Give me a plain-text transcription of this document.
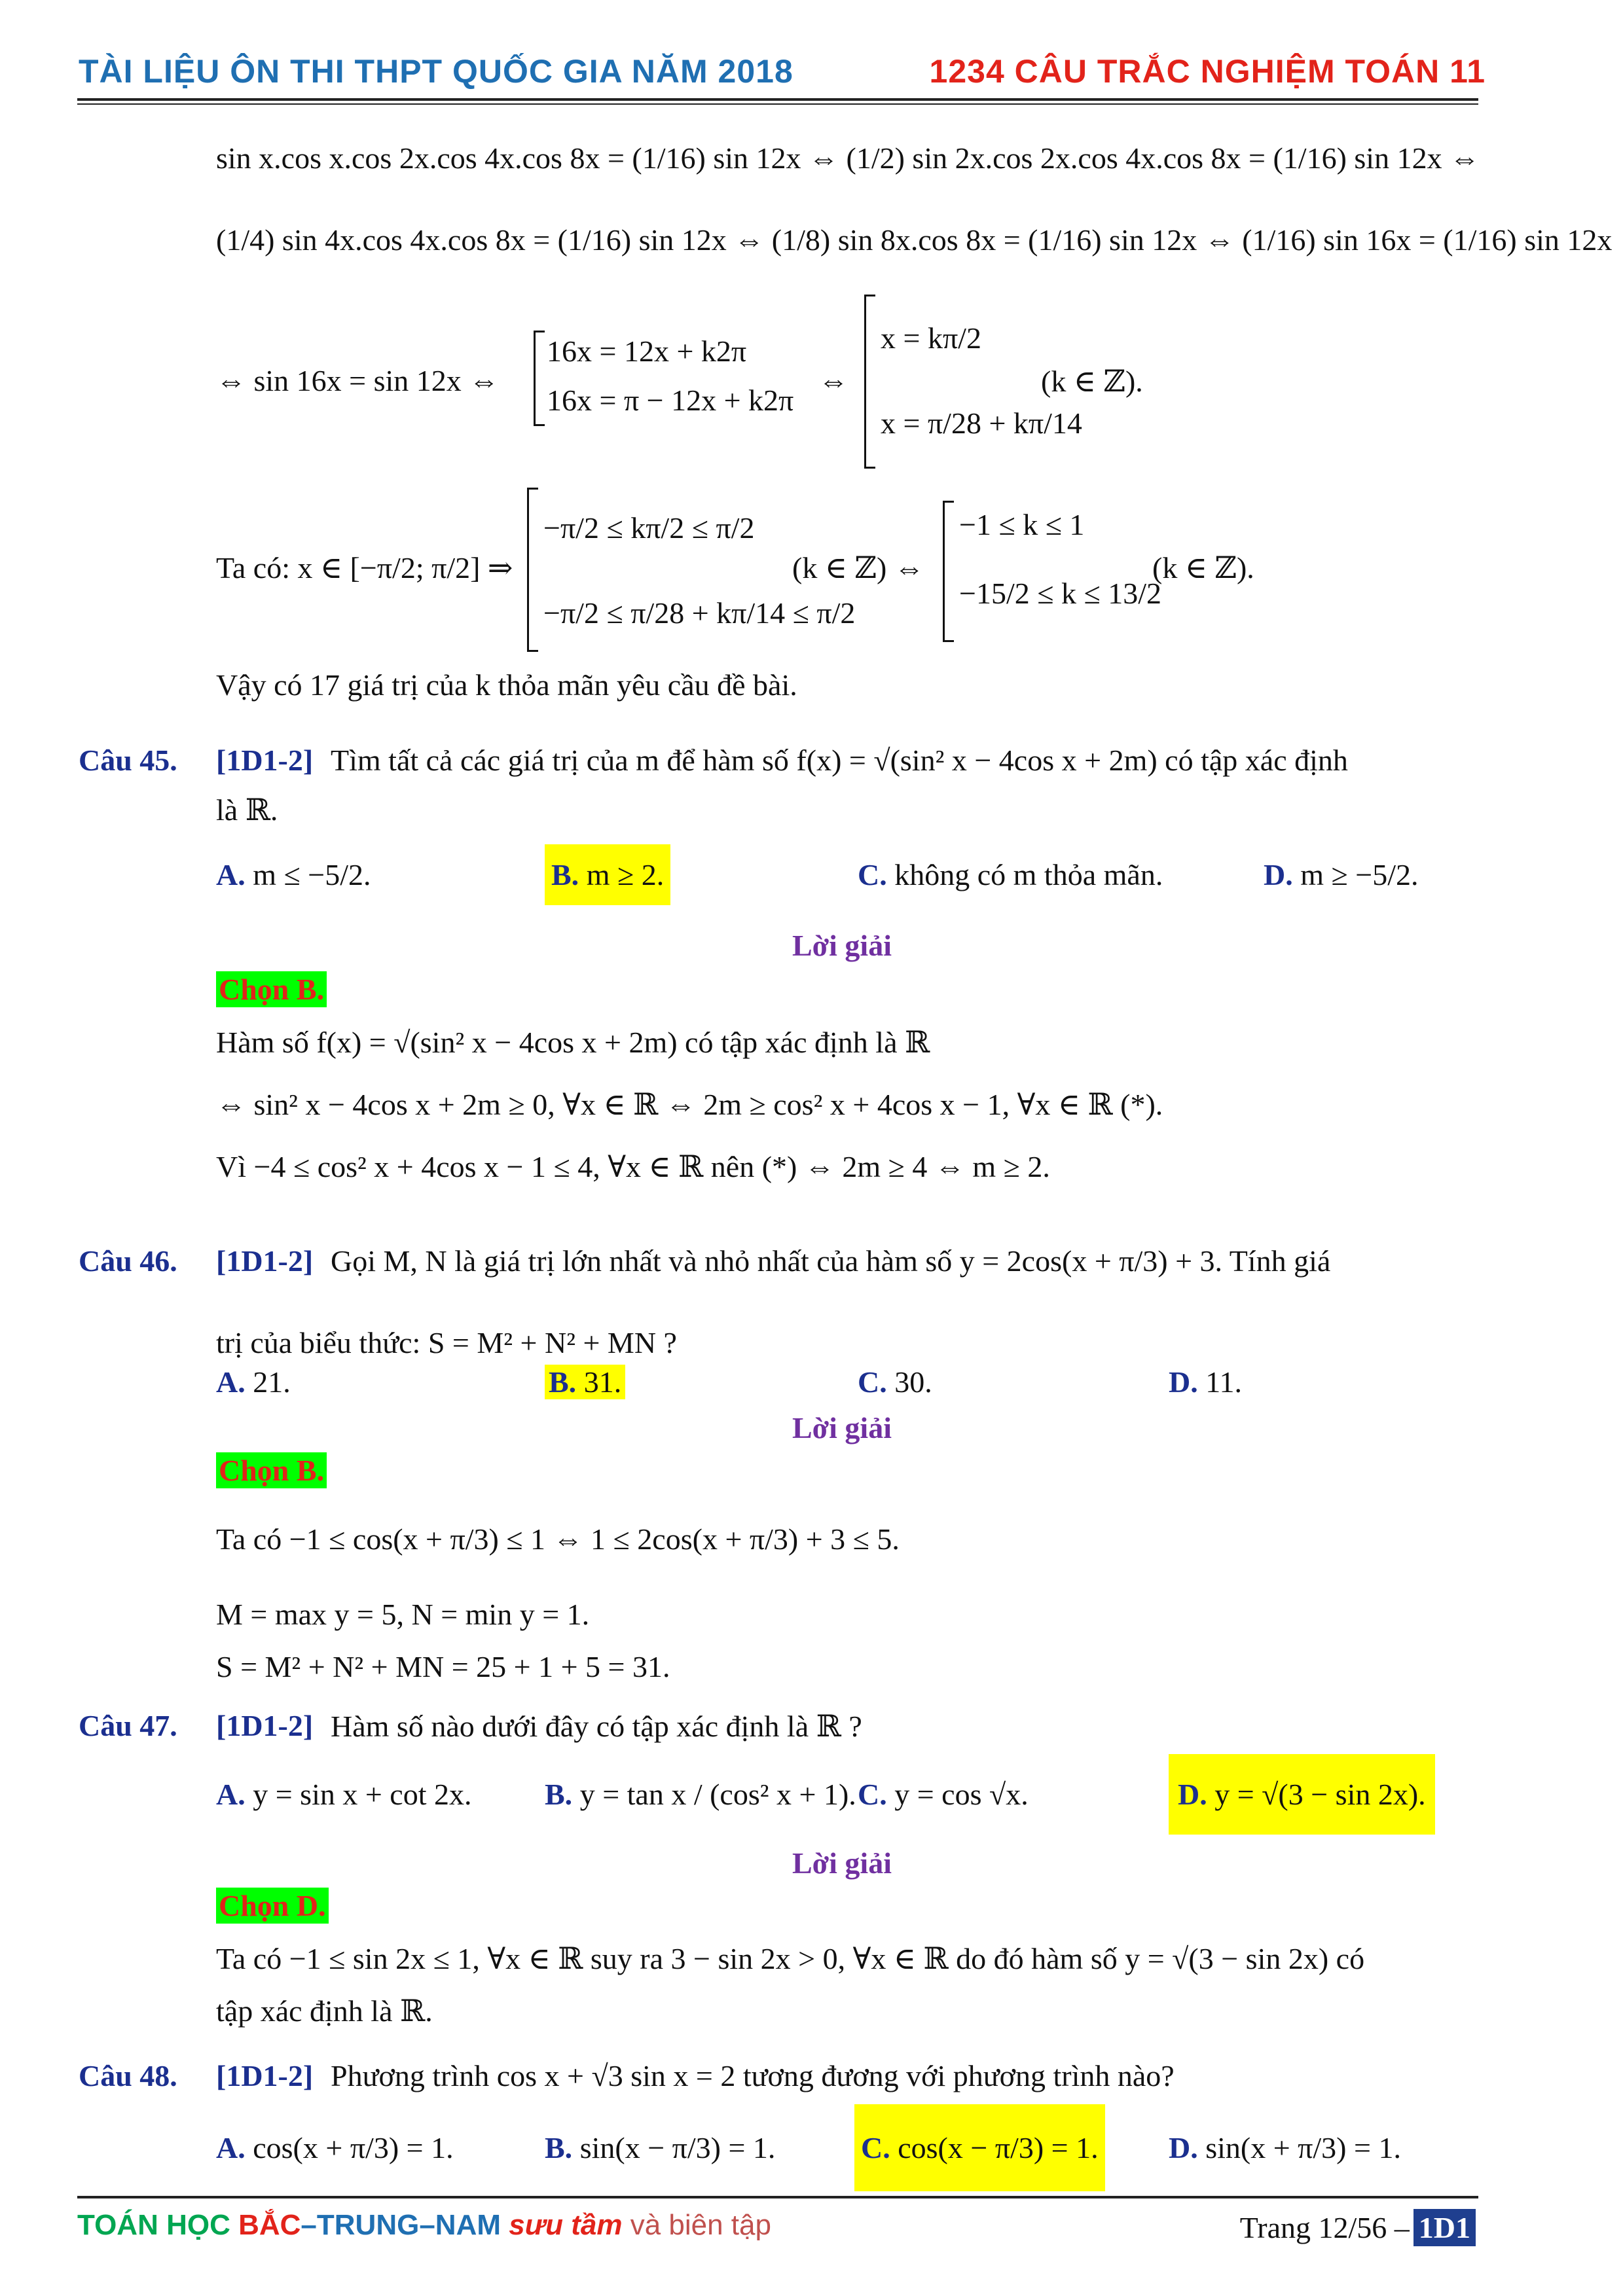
TÀI LIỆU ÔN THI THPT QUỐC GIA NĂM 2018	1234 CÂU TRẮC NGHIỆM TOÁN 11
sin x.cos x.cos 2x.cos 4x.cos 8x = (1/16) sin 12x ⇔ (1/2) sin 2x.cos 2x.cos 4x.cos 8x = (1/16) sin 12x ⇔
(1/4) sin 4x.cos 4x.cos 8x = (1/16) sin 12x ⇔ (1/8) sin 8x.cos 8x = (1/16) sin 12x ⇔ (1/16) sin 16x = (1/16) sin 12x
⇔ sin 16x = sin 12x ⇔
16x = 12x + k2π
16x = π − 12x + k2π
⇔
x = kπ/2
x = π/28 + kπ/14
(k ∈ ℤ).
Ta có: x ∈ [−π/2; π/2] ⇒
−π/2 ≤ kπ/2 ≤ π/2
−π/2 ≤ π/28 + kπ/14 ≤ π/2
(k ∈ ℤ) ⇔
−1 ≤ k ≤ 1
−15/2 ≤ k ≤ 13/2
(k ∈ ℤ).
Vậy có 17 giá trị của k thỏa mãn yêu cầu đề bài.
Câu 45. [1D1-2] Tìm tất cả các giá trị của m để hàm số f(x) = √(sin² x − 4cos x + 2m) có tập xác định
là ℝ.
A. m ≤ −5/2.	B. m ≥ 2.	C. không có m thỏa mãn.	D. m ≥ −5/2.
Lời giải
Chọn B.
Hàm số f(x) = √(sin² x − 4cos x + 2m) có tập xác định là ℝ
⇔ sin² x − 4cos x + 2m ≥ 0, ∀x ∈ ℝ ⇔ 2m ≥ cos² x + 4cos x − 1, ∀x ∈ ℝ (*).
Vì −4 ≤ cos² x + 4cos x − 1 ≤ 4, ∀x ∈ ℝ nên (*) ⇔ 2m ≥ 4 ⇔ m ≥ 2.
Câu 46. [1D1-2] Gọi M, N là giá trị lớn nhất và nhỏ nhất của hàm số y = 2cos(x + π/3) + 3. Tính giá
trị của biểu thức: S = M² + N² + MN ?
A. 21.	B. 31.	C. 30.	D. 11.
Lời giải
Chọn B.
Ta có −1 ≤ cos(x + π/3) ≤ 1 ⇔ 1 ≤ 2cos(x + π/3) + 3 ≤ 5.
M = max y = 5, N = min y = 1.
S = M² + N² + MN = 25 + 1 + 5 = 31.
Câu 47. [1D1-2] Hàm số nào dưới đây có tập xác định là ℝ ?
A. y = sin x + cot 2x. B. y = tan x / (cos² x + 1). C. y = cos √x.	D. y = √(3 − sin 2x).
Lời giải
Chọn D.
Ta có −1 ≤ sin 2x ≤ 1, ∀x ∈ ℝ suy ra 3 − sin 2x > 0, ∀x ∈ ℝ do đó hàm số y = √(3 − sin 2x) có
tập xác định là ℝ.
Câu 48. [1D1-2] Phương trình cos x + √3 sin x = 2 tương đương với phương trình nào?
A. cos(x + π/3) = 1.	B. sin(x − π/3) = 1.	C. cos(x − π/3) = 1. D. sin(x + π/3) = 1.
TOÁN HỌC BẮC–TRUNG–NAM sưu tầm và biên tập	Trang 12/56 – 1D1
